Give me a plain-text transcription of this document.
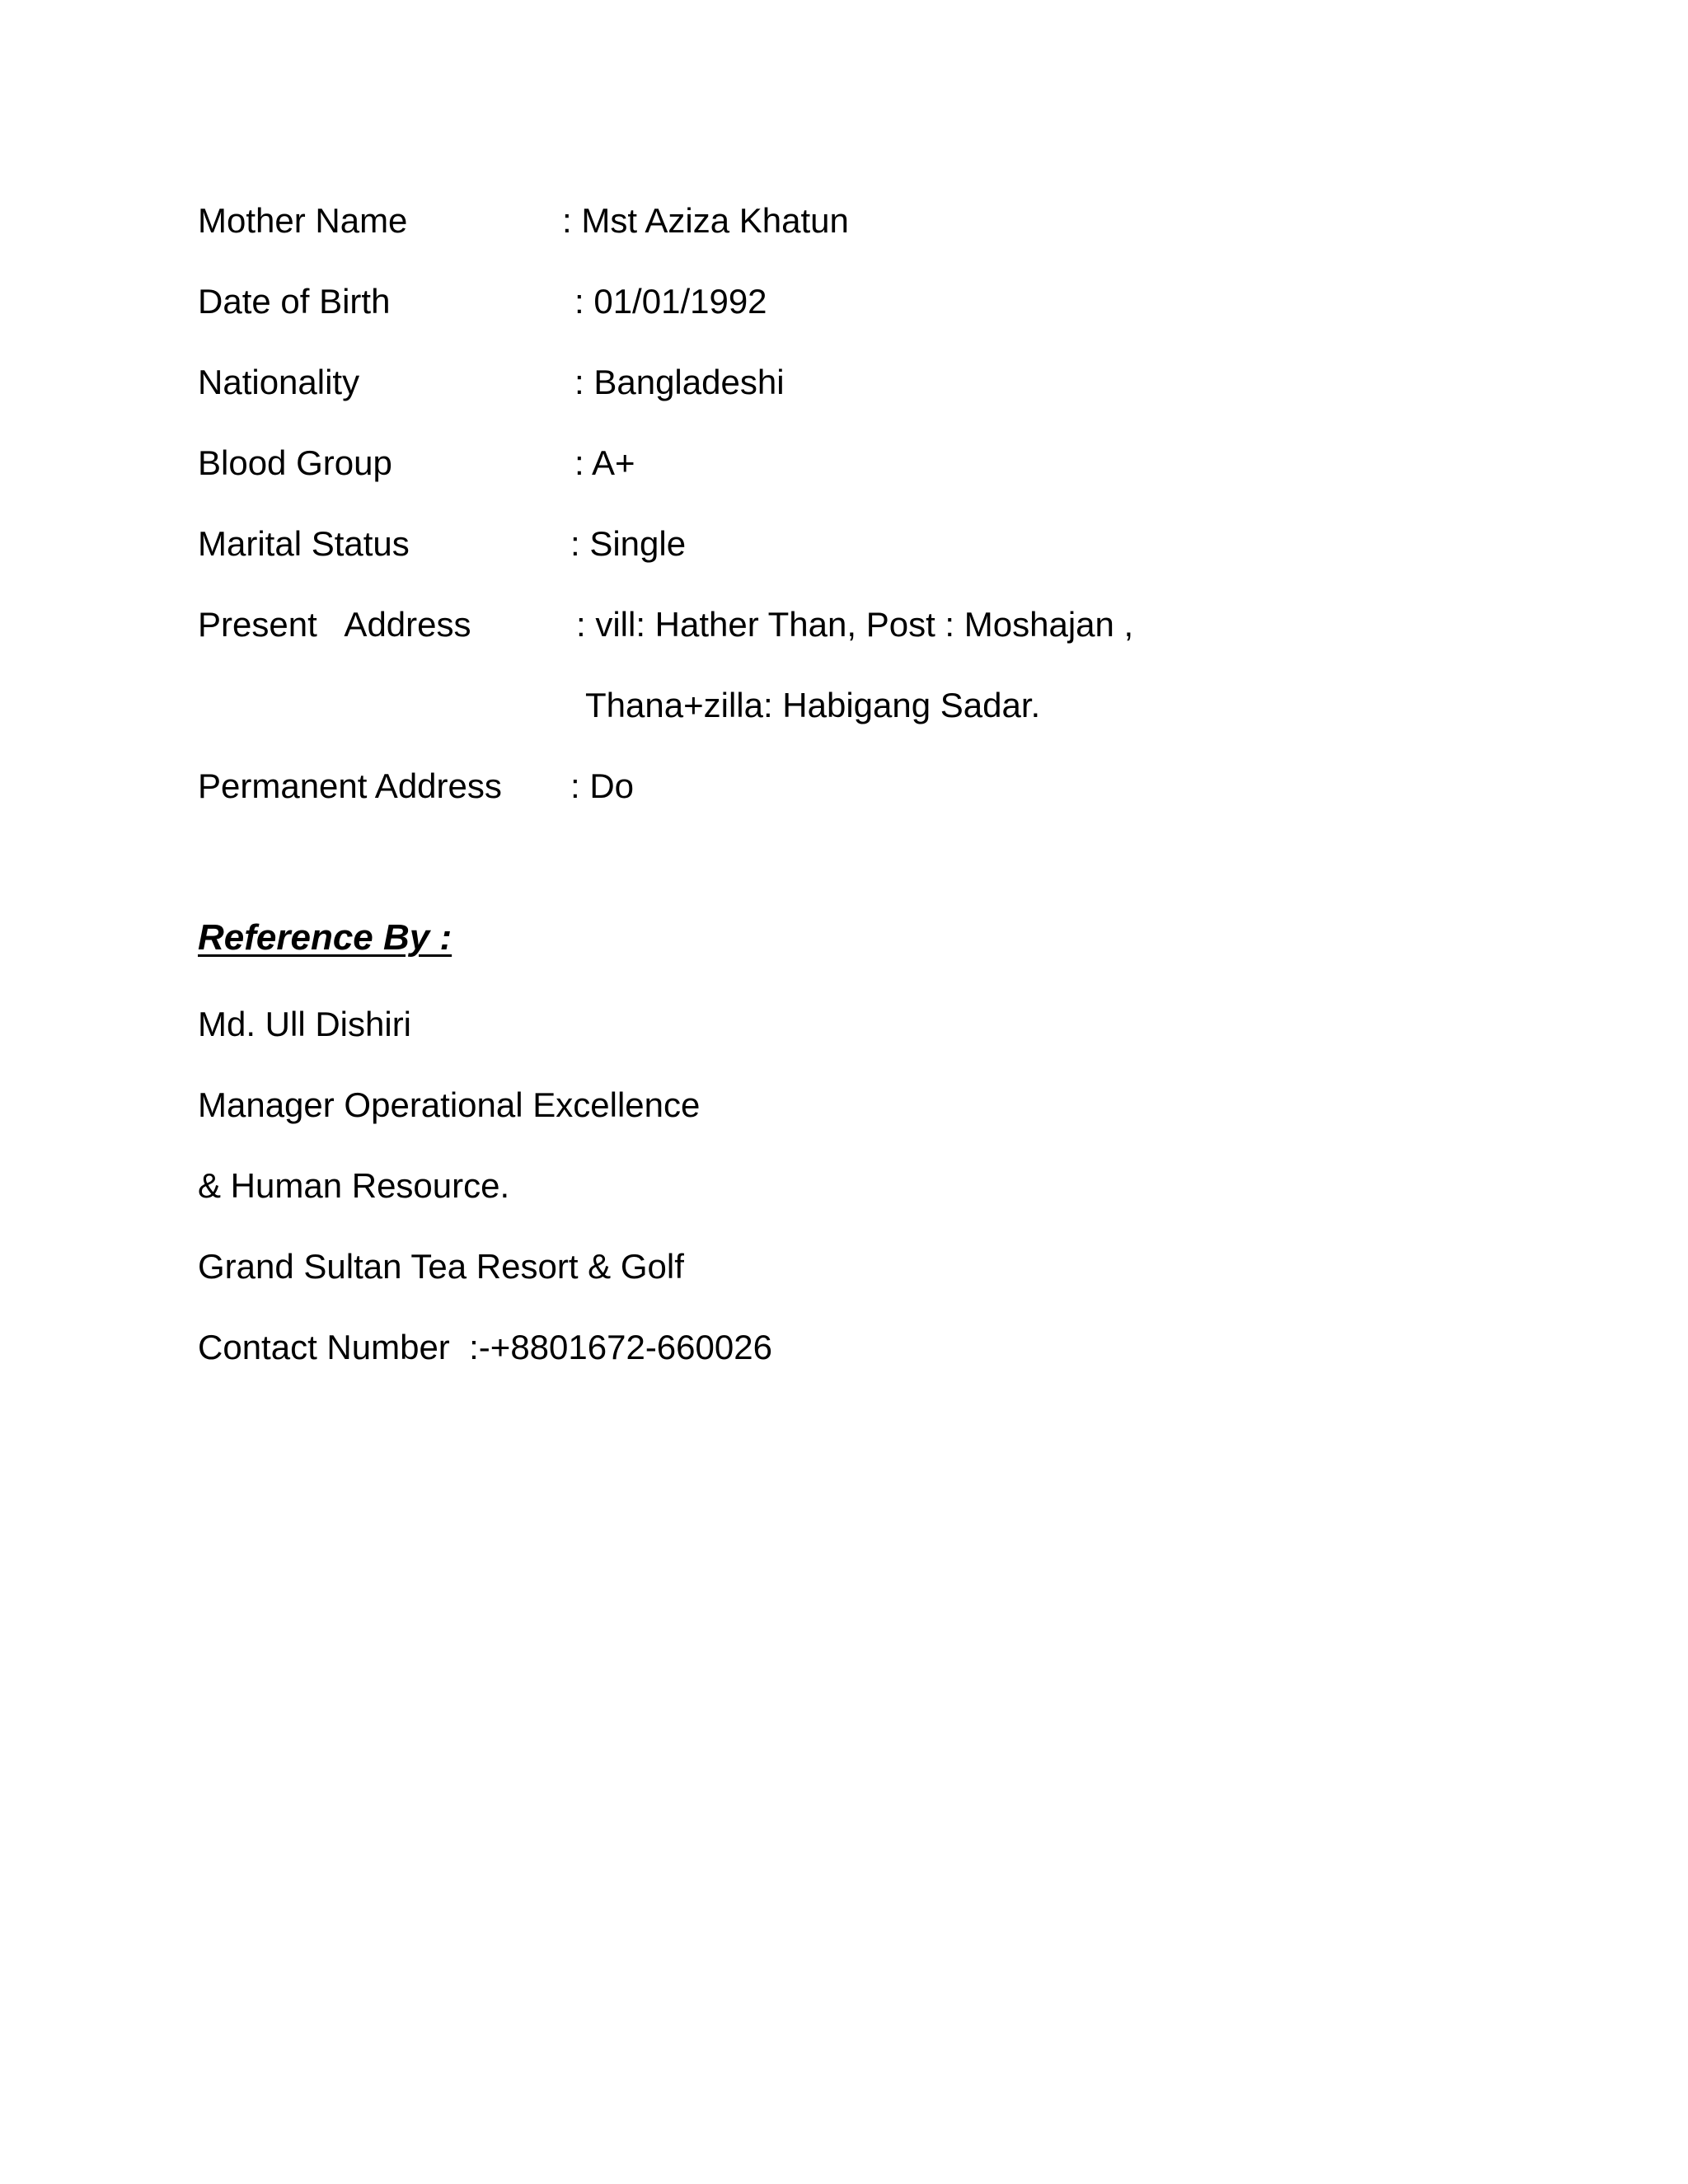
Mother Name	: Mst Aziza Khatun
Date of Birth	: 01/01/1992
Nationality	: Bangladeshi
Blood Group	: A+
Marital Status	: Single
Present   Address	: vill: Hather Than, Post : Moshajan ,
Thana+zilla: Habigang Sadar.
Permanent Address : Do
Reference By :
Md. Ull Dishiri
Manager Operational Excellence
& Human Resource.
Grand Sultan Tea Resort & Golf
Contact Number  :-+8801672-660026
